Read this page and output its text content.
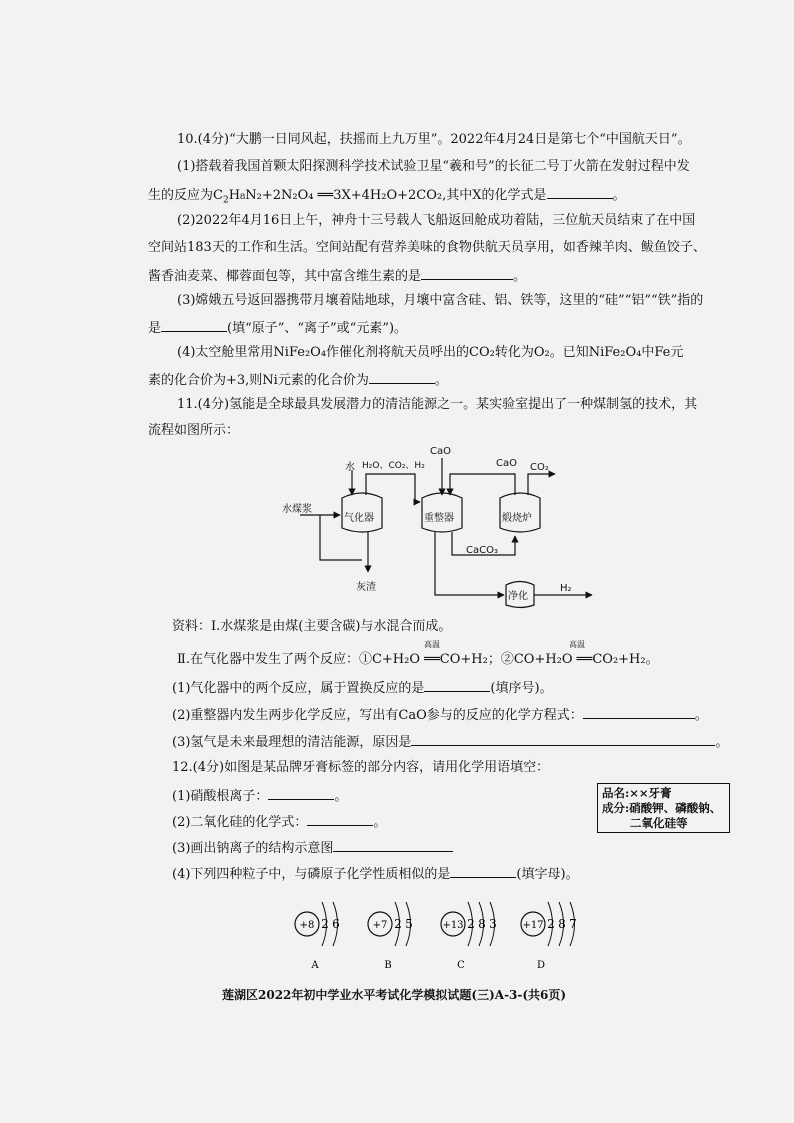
10.(4分)“大鹏一日同风起，扶摇而上九万里”。2022年4月24日是第七个“中国航天日”。
(1)搭载着我国首颗太阳探测科学技术试验卫星“羲和号”的长征二号丁火箭在发射过程中发
生的反应为$C_2H_8N_2+2N_2O_4$ ══3X+4H₂O+2CO₂,其中X的化学式是	。
(2)2022年4月16日上午，神舟十三号载人飞船返回舱成功着陆，三位航天员结束了在中国
空间站183天的工作和生活。空间站配有营养美味的食物供航天员享用，如香辣羊肉、鲅鱼饺子、
酱香油麦菜、椰蓉面包等，其中富含维生素的是	。
(3)嫦娥五号返回器携带月壤着陆地球，月壤中富含硅、铝、铁等，这里的“硅”“铝”“铁”指的
是	(填“原子”、“离子”或“元素”)。
(4)太空舱里常用NiFe₂O₄作催化剂将航天员呼出的CO₂转化为O₂。已知NiFe₂O₄中Fe元
素的化合价为+3,则Ni元素的化合价为	。
11.(4分)氢能是全球最具发展潜力的清洁能源之一。某实验室提出了一种煤制氢的技术，其
流程如图所示：
水
水煤浆
气化器	重整器	煅烧炉
净化
灰渣
H₂O、CO₂、H₂
CaO
CaO CO₂
CaCO₃
H₂
资料：Ⅰ.水煤浆是由煤(主要含碳)与水混合而成。
高温	高温
Ⅱ.在气化器中发生了两个反应：①C+H₂O ══CO+H₂；②CO+H₂O ══CO₂+H₂。
(1)气化器中的两个反应，属于置换反应的是	(填序号)。
(2)重整器内发生两步化学反应，写出有CaO参与的反应的化学方程式：	。
(3)氢气是未来最理想的清洁能源，原因是	。
12.(4分)如图是某品牌牙膏标签的部分内容，请用化学用语填空：
(1)硝酸根离子：	。
(2)二氧化硅的化学式：	。
(3)画出钠离子的结构示意图
(4)下列四种粒子中，与磷原子化学性质相似的是	(填字母)。
品名:××牙膏
成分:硝酸钾、磷酸钠、
二氧化硅等
+8 2 6
A
+7 2 5
B
+13 2 8 3
C
+17 2 8 7
D
莲湖区2022年初中学业水平考试化学模拟试题(三)A-3-(共6页)
